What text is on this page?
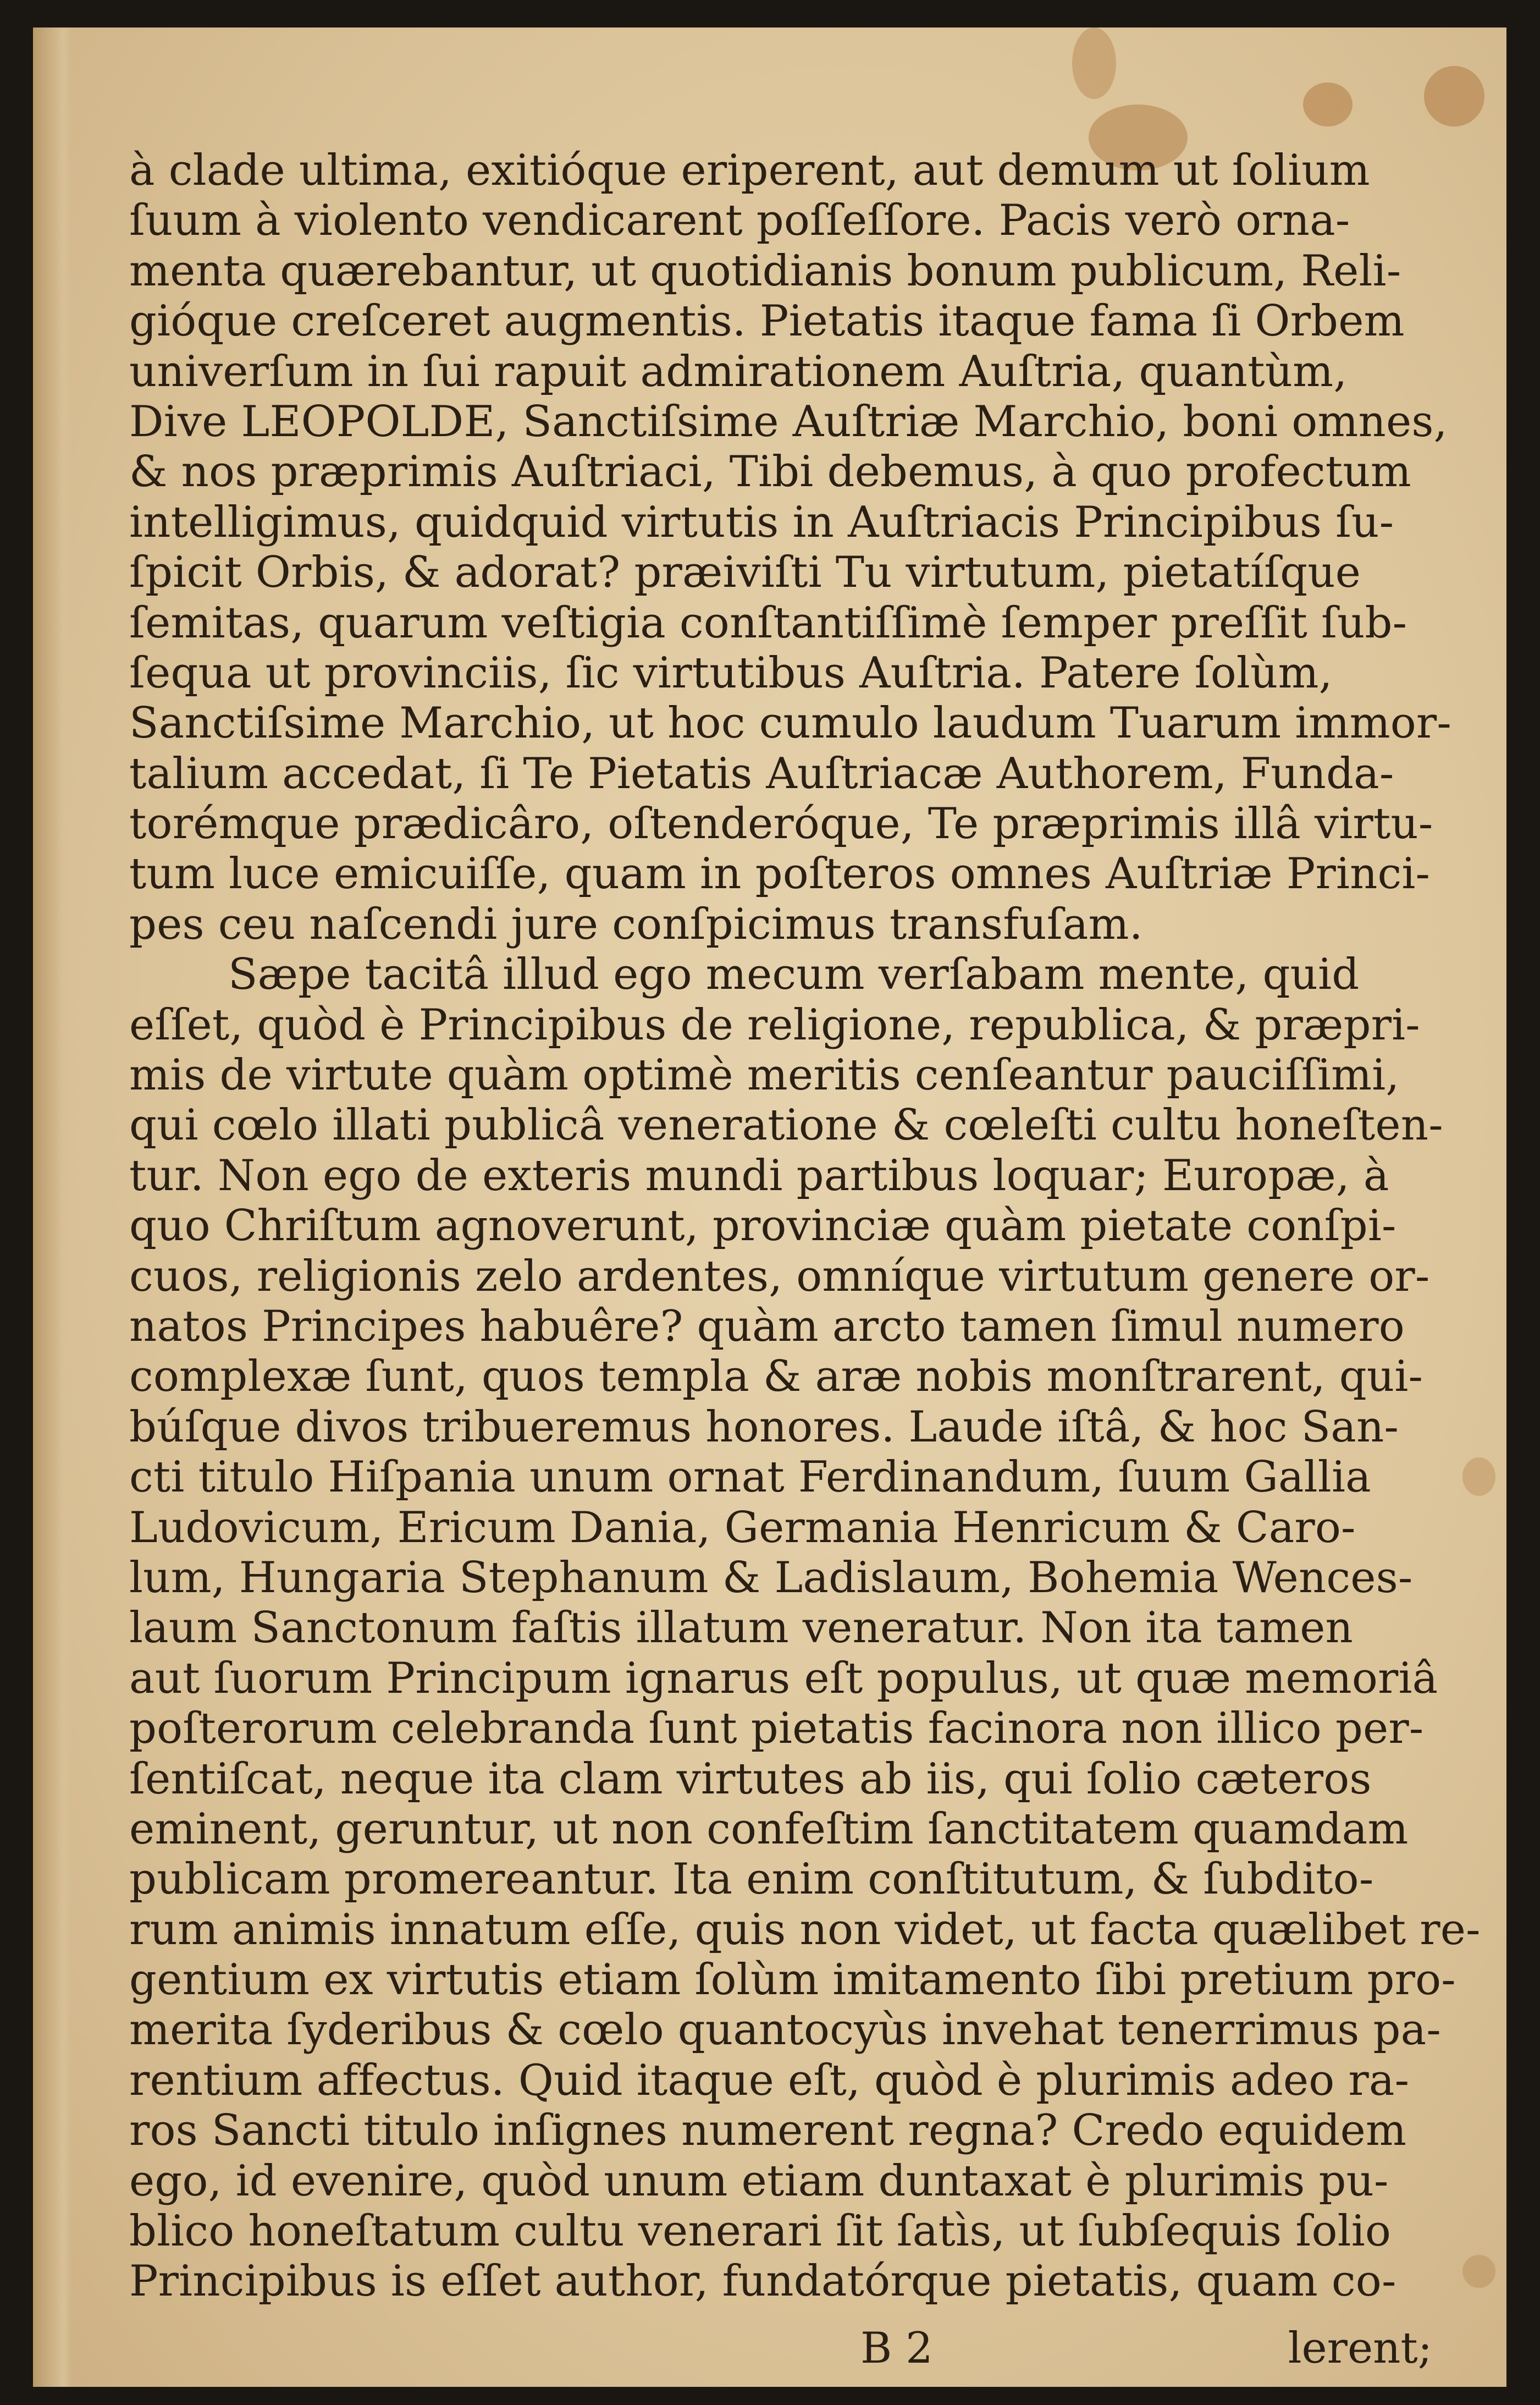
à clade ultima, exitióque eriperent, aut demum ut ſolium
ſuum à violento vendicarent poſſeſſore. Pacis verò orna-
menta quærebantur, ut quotidianis bonum publicum, Reli-
gióque creſceret augmentis. Pietatis itaque fama ſi Orbem
univerſum in ſui rapuit admirationem Auſtria, quantùm,
Dive LEOPOLDE, Sanctiſsime Auſtriæ Marchio, boni omnes,
& nos præprimis Auſtriaci, Tibi debemus, à quo profectum
intelligimus, quidquid virtutis in Auſtriacis Principibus ſu-
ſpicit Orbis, & adorat? præiviſti Tu virtutum, pietatíſque
ſemitas, quarum veſtigia conſtantiſſimè ſemper preſſit ſub-
ſequa ut provinciis, ſic virtutibus Auſtria. Patere ſolùm,
Sanctiſsime Marchio, ut hoc cumulo laudum Tuarum immor-
talium accedat, ſi Te Pietatis Auſtriacæ Authorem, Funda-
torémque prædicâro, oſtenderóque, Te præprimis illâ virtu-
tum luce emicuiſſe, quam in poſteros omnes Auſtriæ Princi-
pes ceu naſcendi jure conſpicimus transfuſam.
Sæpe tacitâ illud ego mecum verſabam mente, quid
eſſet, quòd è Principibus de religione, republica, & præpri-
mis de virtute quàm optimè meritis cenſeantur pauciſſimi,
qui cœlo illati publicâ veneratione & cœleſti cultu honeſten-
tur. Non ego de exteris mundi partibus loquar; Europæ, à
quo Chriſtum agnoverunt, provinciæ quàm pietate conſpi-
cuos, religionis zelo ardentes, omníque virtutum genere or-
natos Principes habuêre? quàm arcto tamen ſimul numero
complexæ ſunt, quos templa & aræ nobis monſtrarent, qui-
búſque divos tribueremus honores. Laude iſtâ, & hoc San-
cti titulo Hiſpania unum ornat Ferdinandum, ſuum Gallia
Ludovicum, Ericum Dania, Germania Henricum & Caro-
lum, Hungaria Stephanum & Ladislaum, Bohemia Wences-
laum Sanctonum faſtis illatum veneratur. Non ita tamen
aut ſuorum Principum ignarus eſt populus, ut quæ memoriâ
poſterorum celebranda ſunt pietatis facinora non illico per-
ſentiſcat, neque ita clam virtutes ab iis, qui ſolio cæteros
eminent, geruntur, ut non confeſtim ſanctitatem quamdam
publicam promereantur. Ita enim conſtitutum, & ſubdito-
rum animis innatum eſſe, quis non videt, ut facta quælibet re-
gentium ex virtutis etiam ſolùm imitamento ſibi pretium pro-
merita ſyderibus & cœlo quantocyùs invehat tenerrimus pa-
rentium affectus. Quid itaque eſt, quòd è plurimis adeo ra-
ros Sancti titulo inſignes numerent regna? Credo equidem
ego, id evenire, quòd unum etiam duntaxat è plurimis pu-
blico honeſtatum cultu venerari ſit ſatìs, ut ſubſequis ſolio
Principibus is eſſet author, fundatórque pietatis, quam co-
B 2	lerent;
